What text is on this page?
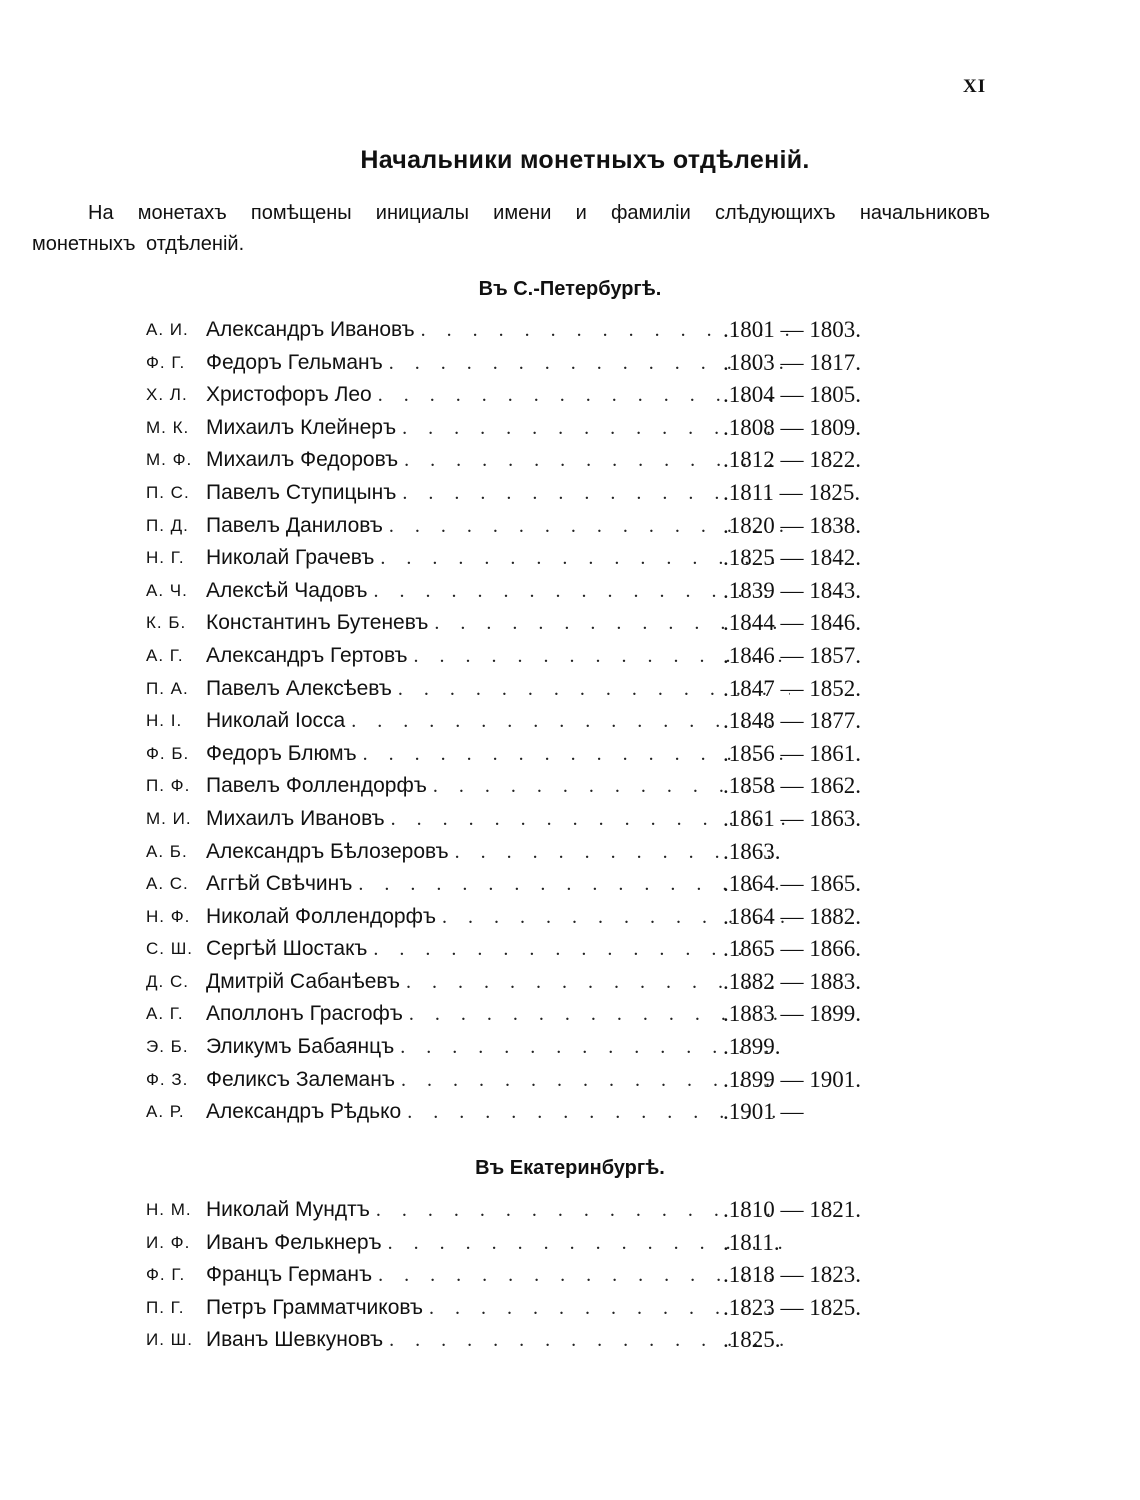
XI
Начальники монетныхъ отдѣленій.

На монетахъ помѣщены инициалы имени и фамиліи слѣдующихъ начальниковъ монетныхъ отдѣленій.

Въ С.-Петербургѣ.
А. И. Александръ Ивановъ . . .	.1801 — 1803.
Ф. Г. Федоръ Гельманъ . . .	.1803 — 1817.
Х. Л. Христофоръ Лео . . .	.1804 — 1805.
М. К. Михаилъ Клейнеръ . . .	.1808 — 1809.
М. Ф. Михаилъ Федоровъ . . .	.1812 — 1822.
П. С. Павелъ Ступицынъ . . .	.1811 — 1825.
П. Д. Павелъ Даниловъ . . .	.1820 — 1838.
Н. Г. Николай Грачевъ . . .	.1825 — 1842.
А. Ч. Алексѣй Чадовъ . . .	.1839 — 1843.
К. Б. Константинъ Бутеневъ . . .	.1844 — 1846.
А. Г. Александръ Гертовъ . . .	.1846 — 1857.
П. А. Павелъ Алексѣевъ . . .	.1847 — 1852.
Н. І. Николай Іосса . . .	.1848 — 1877.
Ф. Б. Федоръ Блюмъ . . .	.1856 — 1861.
П. Ф. Павелъ Фоллендорфъ . . .	.1858 — 1862.
М. И. Михаилъ Ивановъ . . .	.1861 — 1863.
А. Б. Александръ Бѣлозеровъ . . .	.1863.
А. С. Аггѣй Свѣчинъ . . .	.1864 — 1865.
Н. Ф. Николай Фоллендорфъ . . .	.1864 — 1882.
С. Ш. Сергѣй Шостакъ . . .	.1865 — 1866.
Д. С. Дмитрій Сабанѣевъ . . .	.1882 — 1883.
А. Г. Аполлонъ Грасгофъ . . .	.1883 — 1899.
Э. Б. Эликумъ Бабаянцъ . . .	.1899.
Ф. З. Феликсъ Залеманъ . . .	.1899 — 1901.
А. Р. Александръ Рѣдько . . .	.1901 —
Въ Екатеринбургѣ.
Н. М. Николай Мундтъ . . .	.1810 — 1821.
И. Ф. Иванъ Фелькнеръ . . .	.1811.
Ф. Г. Францъ Германъ . . .	.1818 — 1823.
П. Г. Петръ Грамматчиковъ . . .	.1823 — 1825.
И. Ш. Иванъ Шевкуновъ . . .	.1825.
